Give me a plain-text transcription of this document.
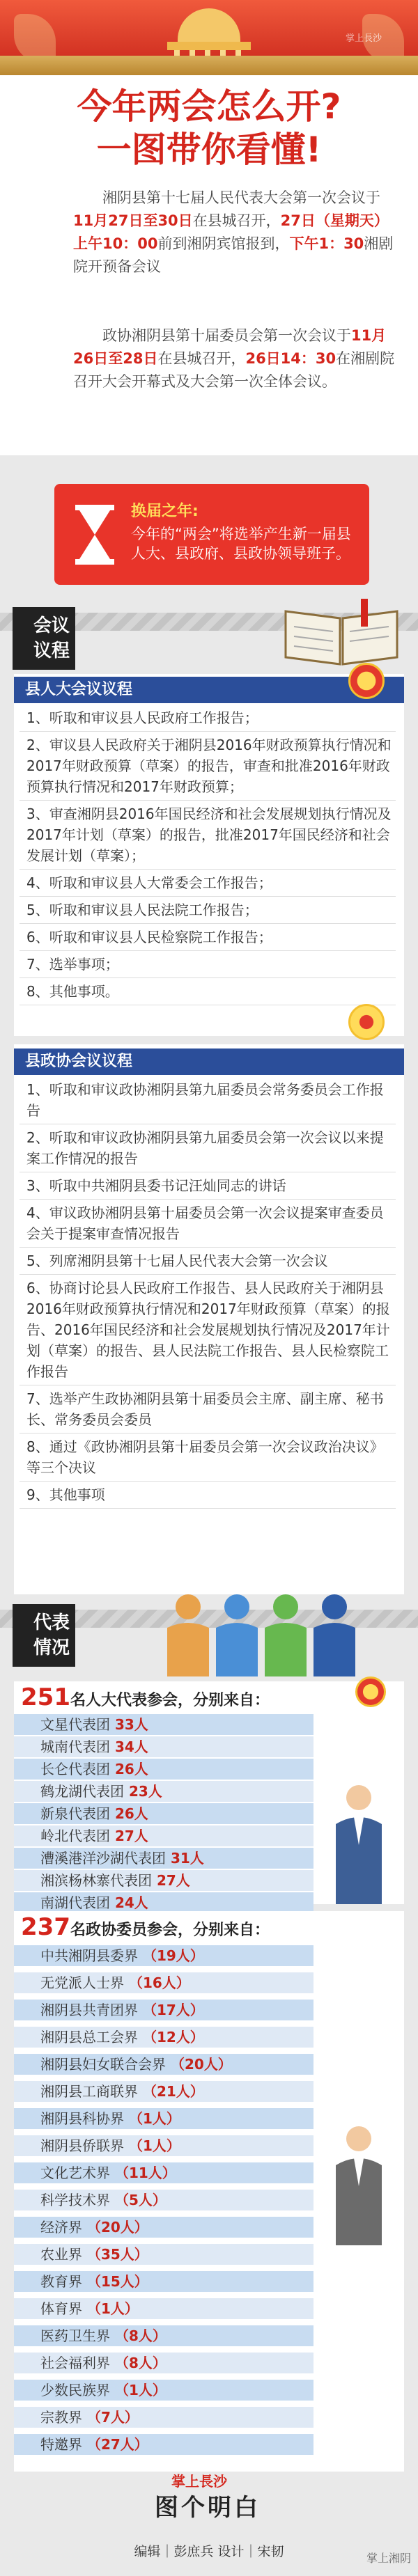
掌上長沙
今年两会怎么开?
一图带你看懂!
湘阴县第十七届人民代表大会第一次会议于11月27日至30日在县城召开，27日（星期天）上午10：00前到湘阴宾馆报到，下午1：30湘剧院开预备会议
政协湘阴县第十届委员会第一次会议于11月26日至28日在县城召开，26日14：30在湘剧院召开大会开幕式及大会第一次全体会议。
换届之年:
今年的“两会”将选举产生新一届县人大、县政府、县政协领导班子。
会议
议程
县人大会议议程
1、听取和审议县人民政府工作报告；
2、审议县人民政府关于湘阴县2016年财政预算执行情况和2017年财政预算（草案）的报告，审查和批准2016年财政预算执行情况和2017年财政预算；
3、审查湘阴县2016年国民经济和社会发展规划执行情况及2017年计划（草案）的报告，批准2017年国民经济和社会发展计划（草案）；
4、听取和审议县人大常委会工作报告；
5、听取和审议县人民法院工作报告；
6、听取和审议县人民检察院工作报告；
7、选举事项；
8、其他事项。
县政协会议议程
1、听取和审议政协湘阴县第九届委员会常务委员会工作报告
2、听取和审议政协湘阴县第九届委员会第一次会议以来提案工作情况的报告
3、听取中共湘阴县委书记汪灿同志的讲话
4、审议政协湘阴县第十届委员会第一次会议提案审查委员会关于提案审查情况报告
5、列席湘阴县第十七届人民代表大会第一次会议
6、协商讨论县人民政府工作报告、县人民政府关于湘阴县2016年财政预算执行情况和2017年财政预算（草案）的报告、2016年国民经济和社会发展规划执行情况及2017年计划（草案）的报告、县人民法院工作报告、县人民检察院工作报告
7、选举产生政协湘阴县第十届委员会主席、副主席、秘书长、常务委员会委员
8、通过《政协湘阴县第十届委员会第一次会议政治决议》等三个决议
9、其他事项
代表
情况
251名人大代表参会，分别来自：
文星代表团 33人
城南代表团 34人
长仑代表团 26人
鹤龙湖代表团 23人
新泉代表团 26人
岭北代表团 27人
漕溪港洋沙湖代表团 31人
湘滨杨林寨代表团 27人
南湖代表团 24人
237名政协委员参会，分别来自：
中共湘阴县委界 （19人）
无党派人士界 （16人）
湘阴县共青团界 （17人）
湘阴县总工会界 （12人）
湘阴县妇女联合会界 （20人）
湘阴县工商联界 （21人）
湘阴县科协界 （1人）
湘阴县侨联界 （1人）
文化艺术界 （11人）
科学技术界 （5人）
经济界 （20人）
农业界 （35人）
教育界 （15人）
体育界 （1人）
医药卫生界 （8人）
社会福利界 （8人）
少数民族界 （1人）
宗教界 （7人）
特邀界 （27人）
掌上長沙
图个明白
编辑｜彭庶兵 设计｜宋韧	掌上湘阴
